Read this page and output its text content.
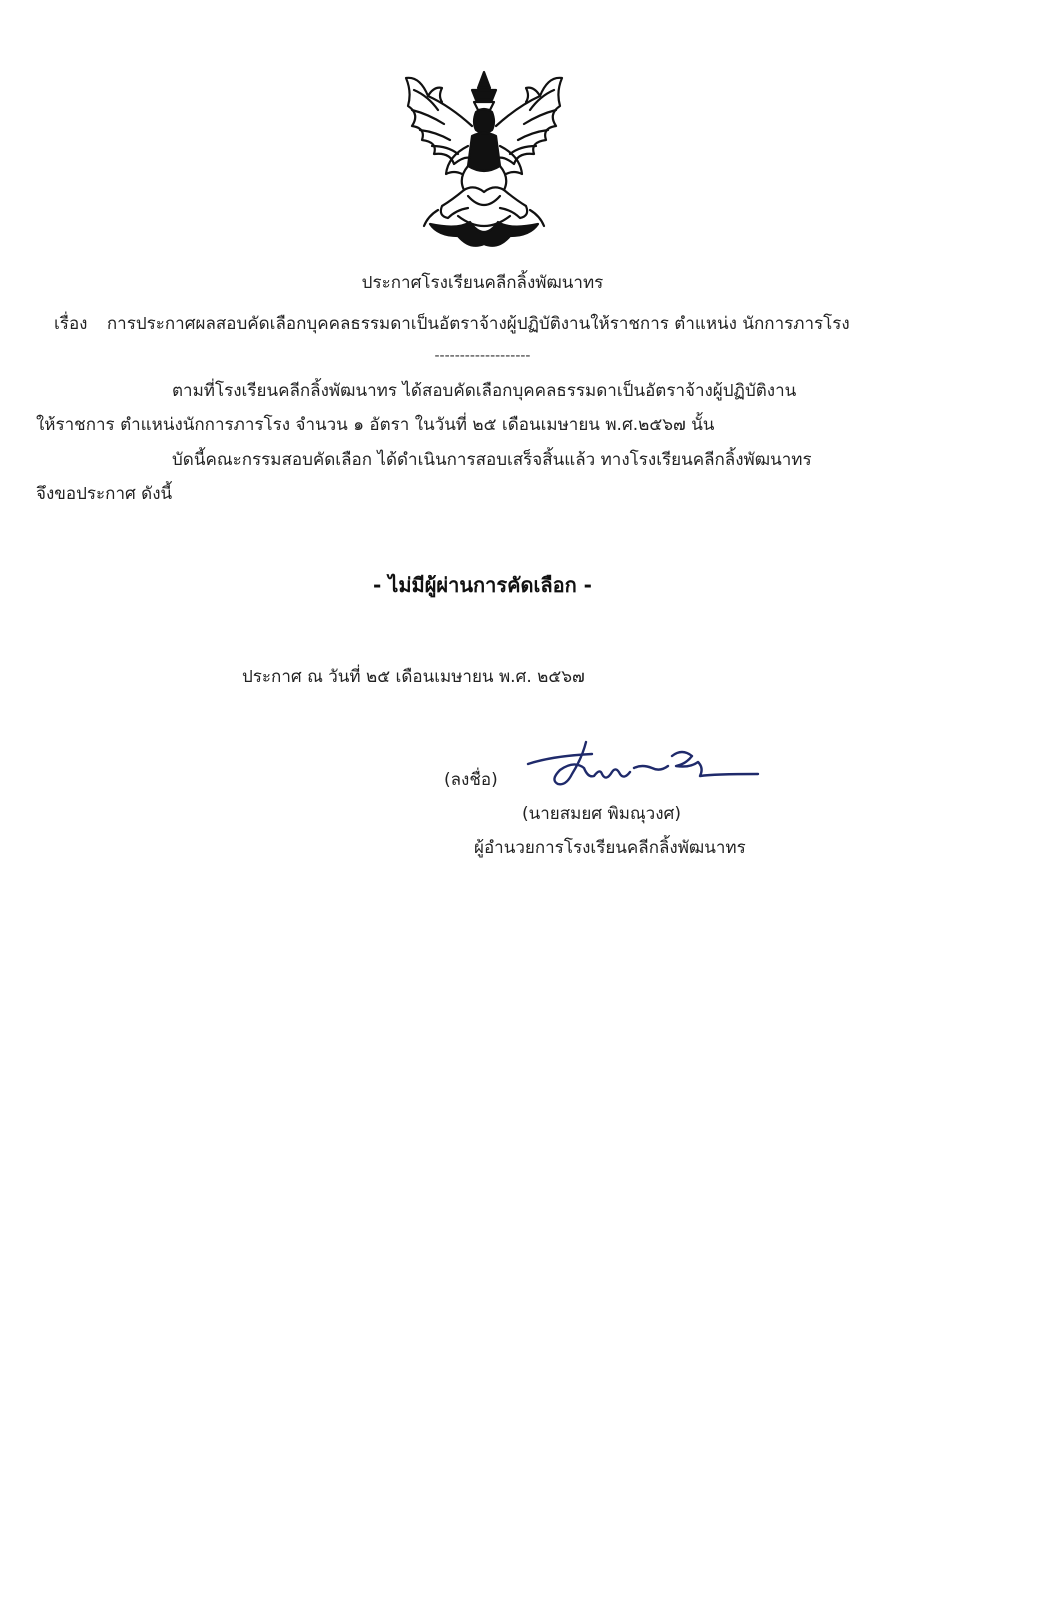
ประกาศโรงเรียนคลีกลิ้งพัฒนาทร
เรื่อง การประกาศผลสอบคัดเลือกบุคคลธรรมดาเป็นอัตราจ้างผู้ปฏิบัติงานให้ราชการ ตำแหน่ง นักการภารโรง
-------------------
ตามที่โรงเรียนคลีกลิ้งพัฒนาทร ได้สอบคัดเลือกบุคคลธรรมดาเป็นอัตราจ้างผู้ปฏิบัติงาน
ให้ราชการ ตำแหน่งนักการภารโรง จำนวน ๑ อัตรา ในวันที่ ๒๕ เดือนเมษายน พ.ศ.๒๕๖๗ นั้น
บัดนี้คณะกรรมสอบคัดเลือก ได้ดำเนินการสอบเสร็จสิ้นแล้ว ทางโรงเรียนคลีกลิ้งพัฒนาทร
จึงขอประกาศ ดังนี้
- ไม่มีผู้ผ่านการคัดเลือก -
ประกาศ ณ วันที่ ๒๕ เดือนเมษายน พ.ศ. ๒๕๖๗
(ลงชื่อ)
(นายสมยศ พิมณุวงศ)
ผู้อำนวยการโรงเรียนคลีกลิ้งพัฒนาทร
